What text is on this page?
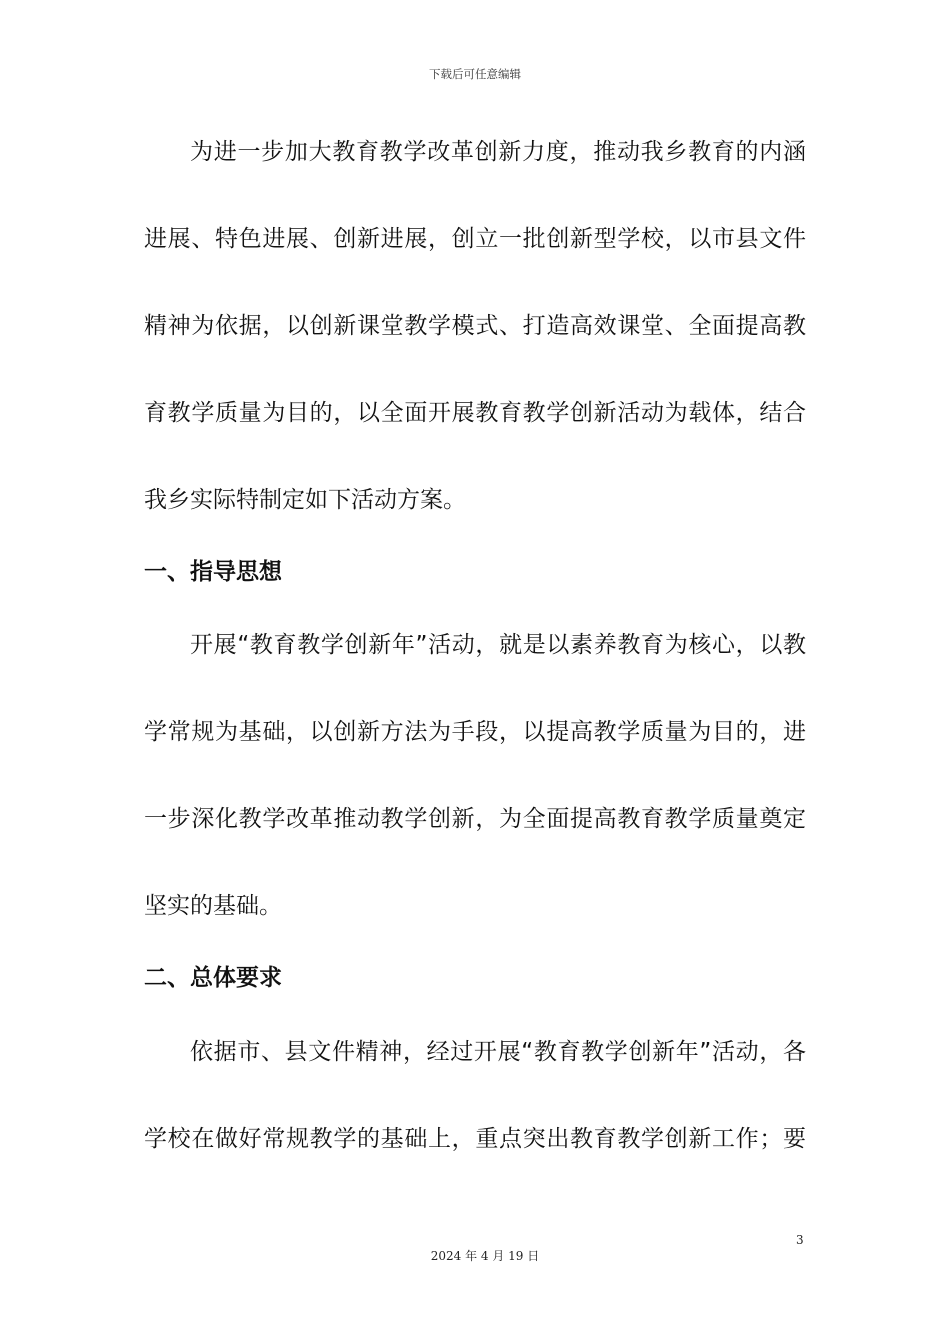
下载后可任意编辑
为进一步加大教育教学改革创新力度，推动我乡教育的内涵
进展、特色进展、创新进展，创立一批创新型学校，以市县文件
精神为依据，以创新课堂教学模式、打造高效课堂、全面提高教
育教学质量为目的，以全面开展教育教学创新活动为载体，结合
我乡实际特制定如下活动方案。
一、指导思想
开展“教育教学创新年”活动，就是以素养教育为核心，以教
学常规为基础，以创新方法为手段，以提高教学质量为目的，进
一步深化教学改革推动教学创新，为全面提高教育教学质量奠定
坚实的基础。
二、总体要求
依据市、县文件精神，经过开展“教育教学创新年”活动，各
学校在做好常规教学的基础上，重点突出教育教学创新工作；要
3
2024 年 4 月 19 日
